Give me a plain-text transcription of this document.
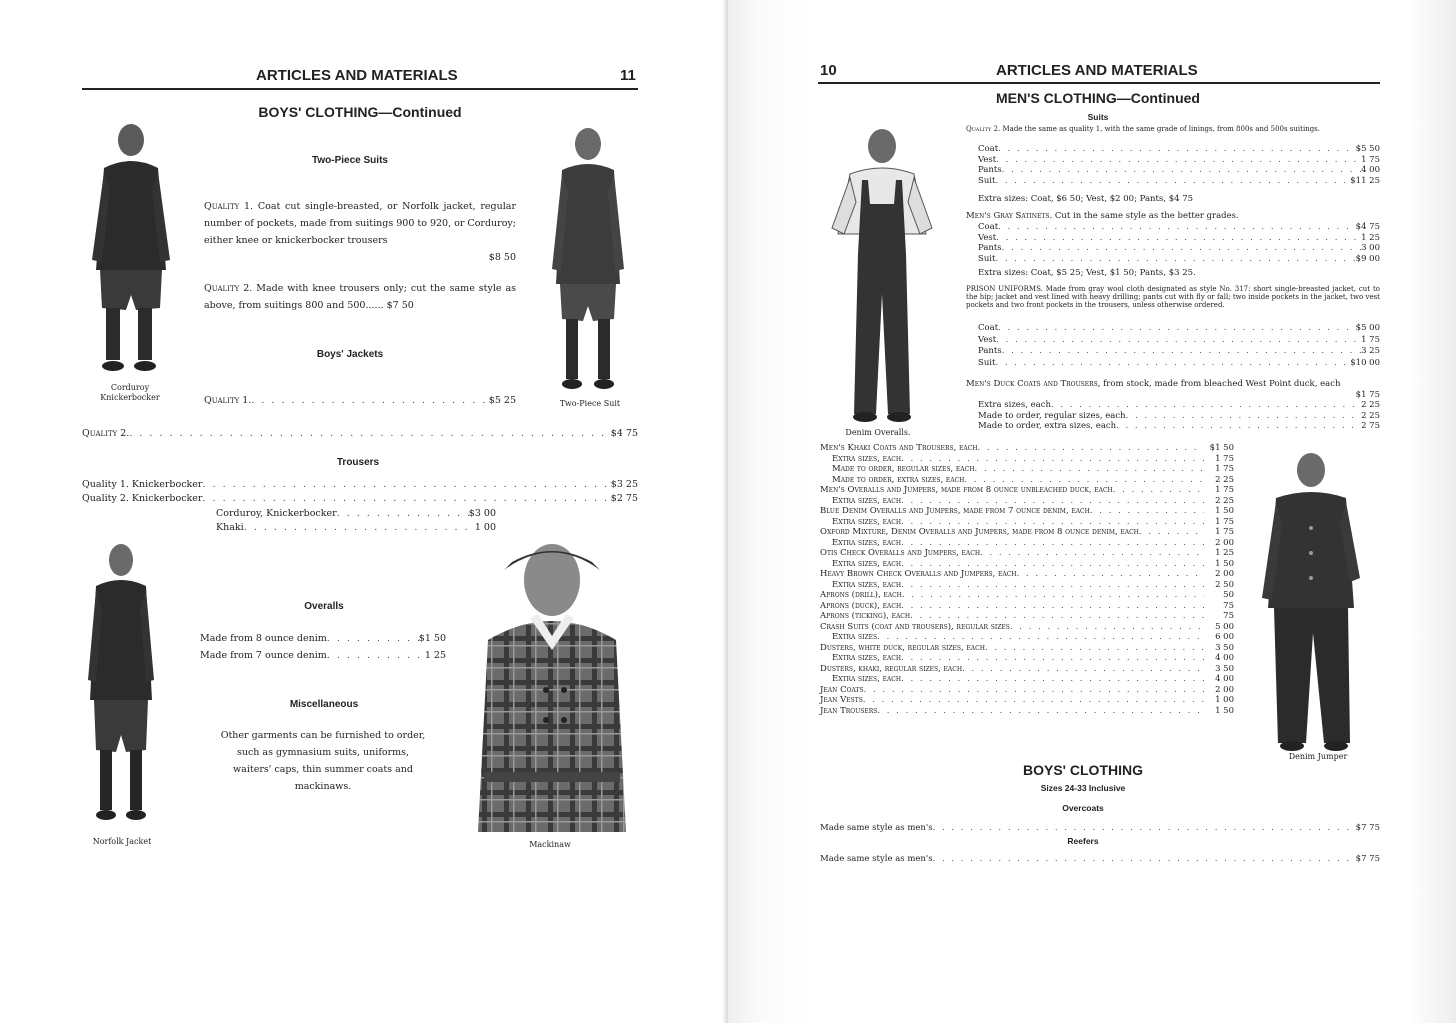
ARTICLES AND MATERIALS	11
BOYS' CLOTHING—Continued
Corduroy Knickerbocker
Two-Piece Suit
Two-Piece Suits
Quality 1. Coat cut single-breasted, or Norfolk jacket, regular number of pockets, made from suitings 900 to 920, or Corduroy; either knee or knickerbocker trousers
$8 50
Quality 2. Made with knee trousers only; cut the same style as above, from suitings 800 and 500...... $7 50
Boys' Jackets
Quality 1. . . .	$5 25
Quality 2. . . .	$4 75
Trousers
Quality 1. Knickerbocker . . .	$3 25
Quality 2. Knickerbocker . . .	$2 75
Corduroy, Knickerbocker . . .	$3 00
Khaki . . .	1 00
Norfolk Jacket
Overalls
Made from 8 ounce denim . . .	$1 50
Made from 7 ounce denim . . .	1 25
Miscellaneous
Other garments can be furnished to order, such as gymnasium suits, uniforms, waiters' caps, thin summer coats and mackinaws.
Mackinaw
10	ARTICLES AND MATERIALS
MEN'S CLOTHING—Continued
Suits
Denim Overalls.
Quality 2. Made the same as quality 1, with the same grade of linings, from 800s and 500s suitings.
Coat . . .	$5 50
Vest . . .	1 75
Pants . . .	4 00
Suit . . .	$11 25
Extra sizes: Coat, $6 50; Vest, $2 00; Pants, $4 75
Men's Gray Satinets. Cut in the same style as the better grades.
Coat . . .	$4 75
Vest . . .	1 25
Pants . . .	3 00
Suit . . .	$9 00
Extra sizes: Coat, $5 25; Vest, $1 50; Pants, $3 25.
PRISON UNIFORMS. Made from gray wool cloth designated as style No. 317: short single-breasted jacket, cut to the hip; jacket and vest lined with heavy drilling; pants cut with fly or fall; two inside pockets in the jacket, two vest pockets and two front pockets in the trousers, unless otherwise ordered.
Coat . . .	$5 00
Vest . . .	1 75
Pants . . .	3 25
Suit . . .	$10 00
Men's Duck Coats and Trousers, from stock, made from bleached West Point duck, each
$1 75
Extra sizes, each . . .	2 25
Made to order, regular sizes, each . . .	2 25
Made to order, extra sizes, each . . .	2 75
Men's Khaki Coats and Trousers, each . . .	$1 50
Extra sizes, each . . .	1 75
Made to order, regular sizes, each . . .	1 75
Made to order, extra sizes, each . . .	2 25
Men's Overalls and Jumpers, made from 8 ounce unbleached duck, each . . .	1 75
Extra sizes, each . . .	2 25
Blue Denim Overalls and Jumpers, made from 7 ounce denim, each . . .	1 50
Extra sizes, each . . .	1 75
Oxford Mixture, Denim Overalls and Jumpers, made from 8 ounce denim, each . . .	1 75
Extra sizes, each . . .	2 00
Otis Check Overalls and Jumpers, each . . .	1 25
Extra sizes, each . . .	1 50
Heavy Brown Check Overalls and Jumpers, each . . .	2 00
Extra sizes, each . . .	2 50
Aprons (drill), each . . .	50
Aprons (duck), each . . .	75
Aprons (ticking), each . . .	75
Crash Suits (coat and trousers), regular sizes . . .	5 00
Extra sizes . . .	6 00
Dusters, white duck, regular sizes, each . . .	3 50
Extra sizes, each . . .	4 00
Dusters, khaki, regular sizes, each . . .	3 50
Extra sizes, each . . .	4 00
Jean Coats . . .	2 00
Jean Vests . . .	1 00
Jean Trousers . . .	1 50
Denim Jumper
BOYS' CLOTHING
Sizes 24-33 Inclusive
Overcoats
Made same style as men's . . .	$7 75
Reefers
Made same style as men's . . .	$7 75
